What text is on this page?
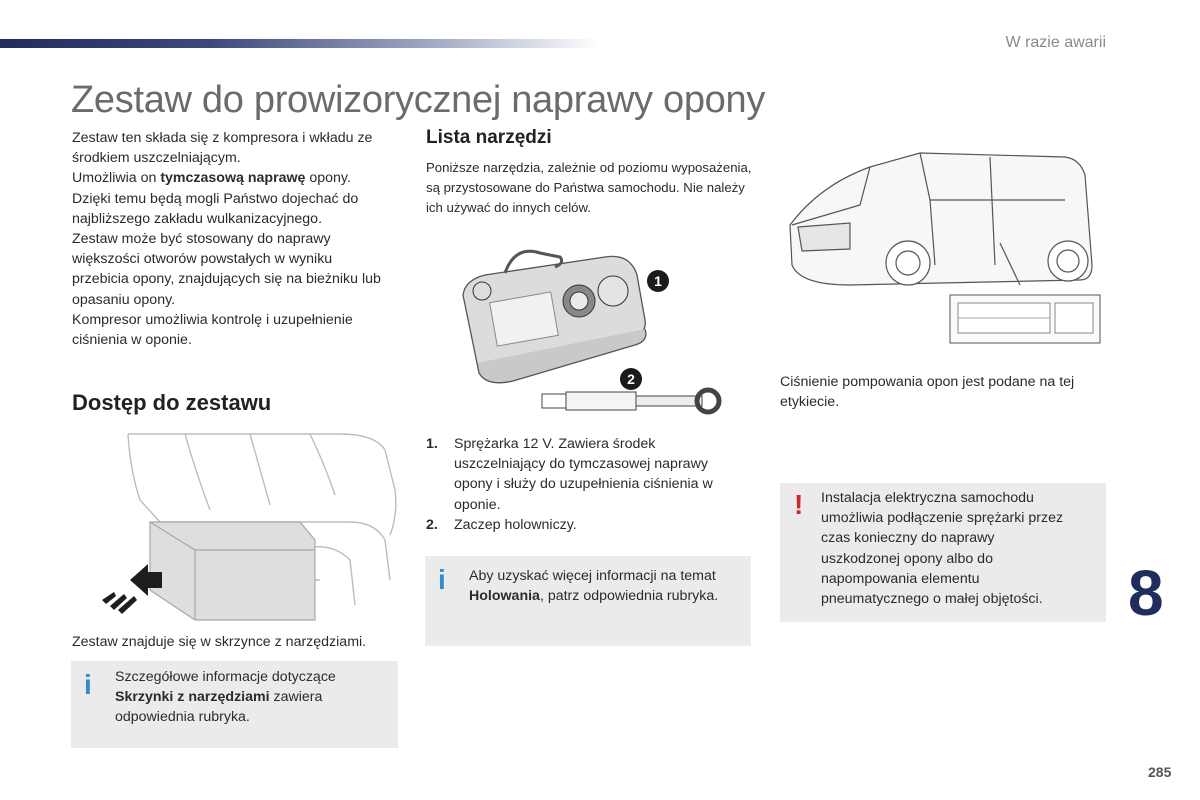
W razie awarii
Zestaw do prowizorycznej naprawy opony

Zestaw ten składa się z kompresora i wkładu ze środkiem uszczelniającym.

Umożliwia on tymczasową naprawę opony. Dzięki temu będą mogli Państwo dojechać do najbliższego zakładu wulkanizacyjnego.

Zestaw może być stosowany do naprawy większości otworów powstałych w wyniku przebicia opony, znajdujących się na bieżniku lub opasaniu opony.

Kompresor umożliwia kontrolę i uzupełnienie ciśnienia w oponie.

Dostęp do zestawu
Zestaw znajduje się w skrzynce z narzędziami.
i Szczegółowe informacje dotyczące Skrzynki z narzędziami zawiera odpowiednia rubryka.
Lista narzędzi
Poniższe narzędzia, zależnie od poziomu wyposażenia, są przystosowane do Państwa samochodu. Nie należy ich używać do innych celów.
1
2
1. Sprężarka 12 V. Zawiera środek uszczelniający do tymczasowej naprawy opony i służy do uzupełnienia ciśnienia w oponie.
2. Zaczep holowniczy.
i Aby uzyskać więcej informacji na temat Holowania, patrz odpowiednia rubryka.
Ciśnienie pompowania opon jest podane na tej etykiecie.
! Instalacja elektryczna samochodu umożliwia podłączenie sprężarki przez czas konieczny do naprawy uszkodzonej opony albo do napompowania elementu pneumatycznego o małej objętości.	8
285
